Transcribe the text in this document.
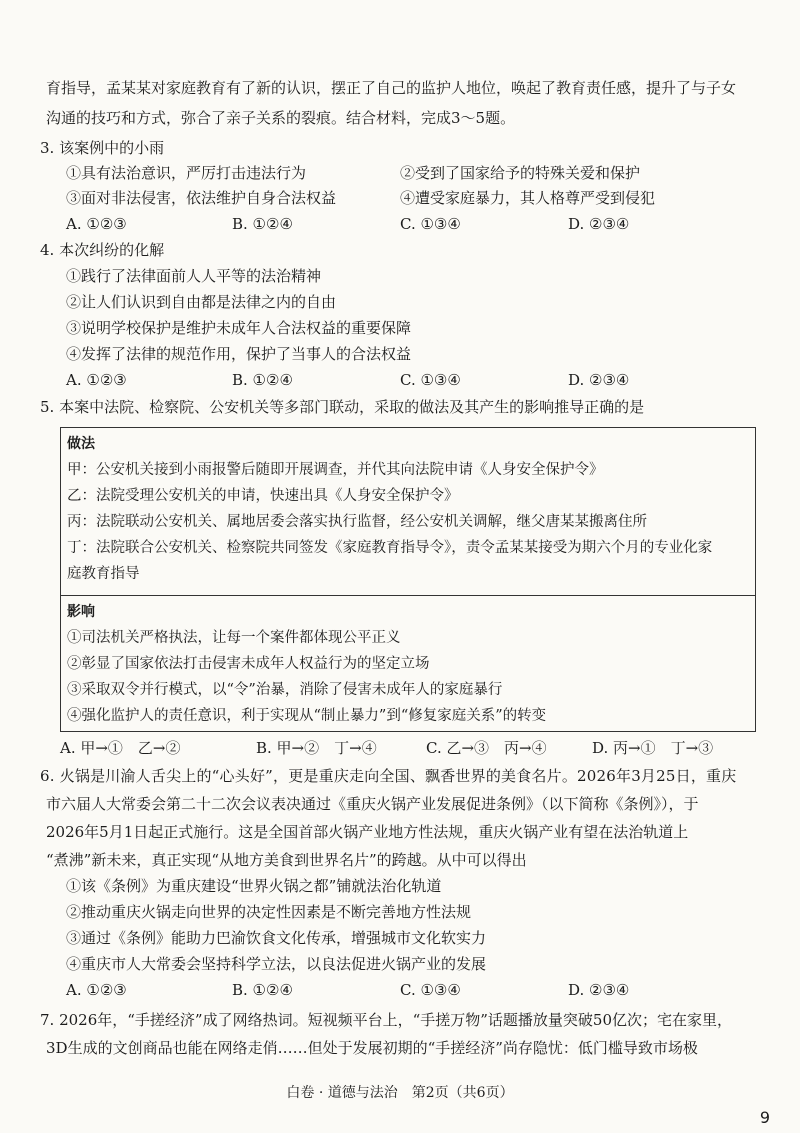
育指导，孟某某对家庭教育有了新的认识，摆正了自己的监护人地位，唤起了教育责任感，提升了与子女
沟通的技巧和方式，弥合了亲子关系的裂痕。结合材料，完成3～5题。
3. 该案例中的小雨
①具有法治意识，严厉打击违法行为	②受到了国家给予的特殊关爱和保护
③面对非法侵害，依法维护自身合法权益	④遭受家庭暴力，其人格尊严受到侵犯
A. ①②③	B. ①②④	C. ①③④	D. ②③④
4. 本次纠纷的化解
①践行了法律面前人人平等的法治精神
②让人们认识到自由都是法律之内的自由
③说明学校保护是维护未成年人合法权益的重要保障
④发挥了法律的规范作用，保护了当事人的合法权益
A. ①②③	B. ①②④	C. ①③④	D. ②③④
5. 本案中法院、检察院、公安机关等多部门联动，采取的做法及其产生的影响推导正确的是
做法
甲：公安机关接到小雨报警后随即开展调查，并代其向法院申请《人身安全保护令》
乙：法院受理公安机关的申请，快速出具《人身安全保护令》
丙：法院联动公安机关、属地居委会落实执行监督，经公安机关调解，继父唐某某搬离住所
丁：法院联合公安机关、检察院共同签发《家庭教育指导令》，责令孟某某接受为期六个月的专业化家
庭教育指导
影响
①司法机关严格执法，让每一个案件都体现公平正义
②彰显了国家依法打击侵害未成年人权益行为的坚定立场
③采取双令并行模式，以“令”治暴，消除了侵害未成年人的家庭暴行
④强化监护人的责任意识，利于实现从“制止暴力”到“修复家庭关系”的转变
A. 甲→①　乙→②	B. 甲→②　丁→④	C. 乙→③　丙→④	D. 丙→①　丁→③
6. 火锅是川渝人舌尖上的“心头好”，更是重庆走向全国、飘香世界的美食名片。2026年3月25日，重庆
市六届人大常委会第二十二次会议表决通过《重庆火锅产业发展促进条例》（以下简称《条例》），于
2026年5月1日起正式施行。这是全国首部火锅产业地方性法规，重庆火锅产业有望在法治轨道上
“煮沸”新未来，真正实现“从地方美食到世界名片”的跨越。从中可以得出
①该《条例》为重庆建设“世界火锅之都”铺就法治化轨道
②推动重庆火锅走向世界的决定性因素是不断完善地方性法规
③通过《条例》能助力巴渝饮食文化传承，增强城市文化软实力
④重庆市人大常委会坚持科学立法，以良法促进火锅产业的发展
A. ①②③	B. ①②④	C. ①③④	D. ②③④
7. 2026年，“手搓经济”成了网络热词。短视频平台上，“手搓万物”话题播放量突破50亿次；宅在家里，
3D生成的文创商品也能在网络走俏……但处于发展初期的“手搓经济”尚存隐忧：低门槛导致市场极
白卷 · 道德与法治　第2页（共6页）
9
